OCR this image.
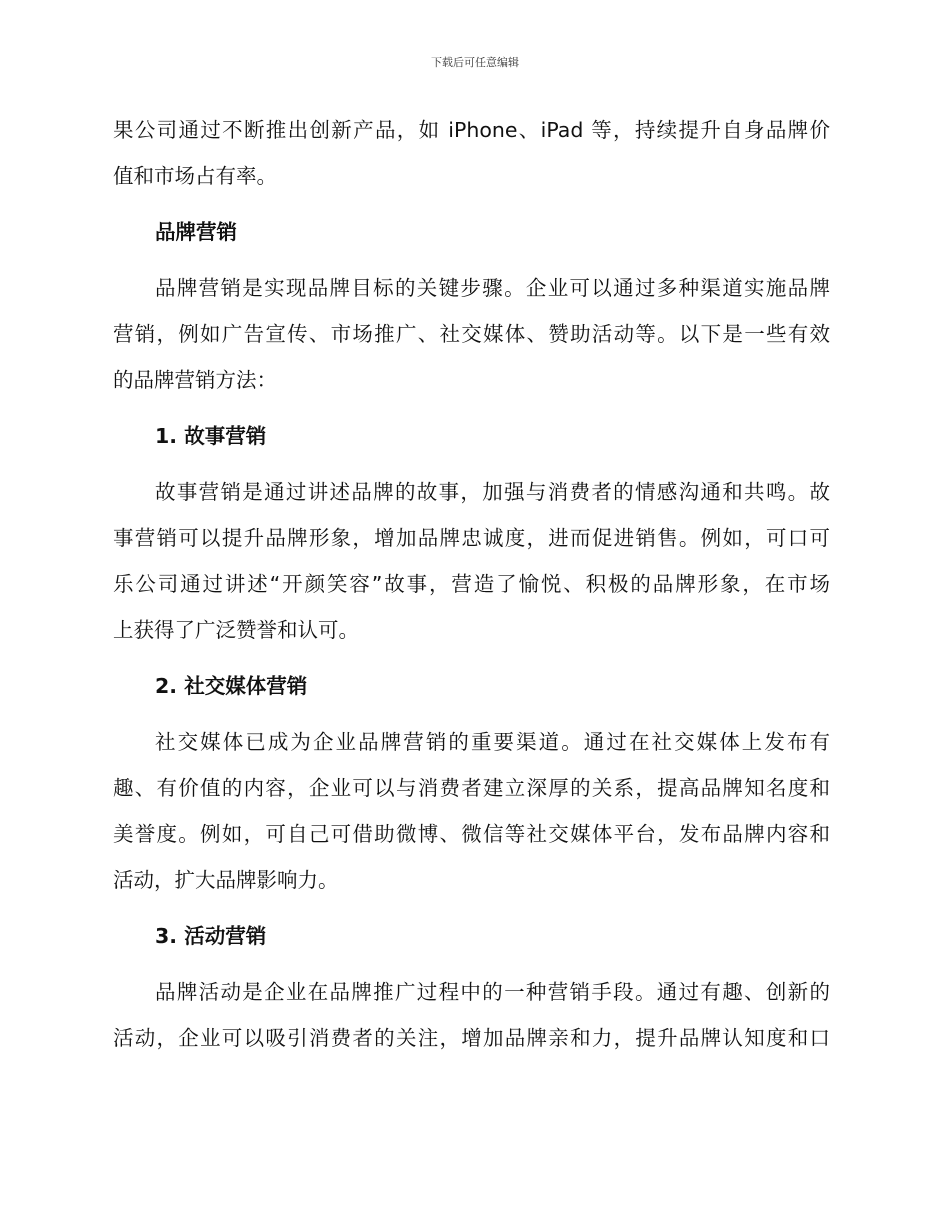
下载后可任意编辑
果公司通过不断推出创新产品，如 iPhone、iPad 等，持续提升自身品牌价
值和市场占有率。
品牌营销
品牌营销是实现品牌目标的关键步骤。企业可以通过多种渠道实施品牌
营销，例如广告宣传、市场推广、社交媒体、赞助活动等。以下是一些有效
的品牌营销方法：
1. 故事营销
故事营销是通过讲述品牌的故事，加强与消费者的情感沟通和共鸣。故
事营销可以提升品牌形象，增加品牌忠诚度，进而促进销售。例如，可口可
乐公司通过讲述“开颜笑容”故事，营造了愉悦、积极的品牌形象，在市场
上获得了广泛赞誉和认可。
2. 社交媒体营销
社交媒体已成为企业品牌营销的重要渠道。通过在社交媒体上发布有
趣、有价值的内容，企业可以与消费者建立深厚的关系，提高品牌知名度和
美誉度。例如，可自己可借助微博、微信等社交媒体平台，发布品牌内容和
活动，扩大品牌影响力。
3. 活动营销
品牌活动是企业在品牌推广过程中的一种营销手段。通过有趣、创新的
活动，企业可以吸引消费者的关注，增加品牌亲和力，提升品牌认知度和口
